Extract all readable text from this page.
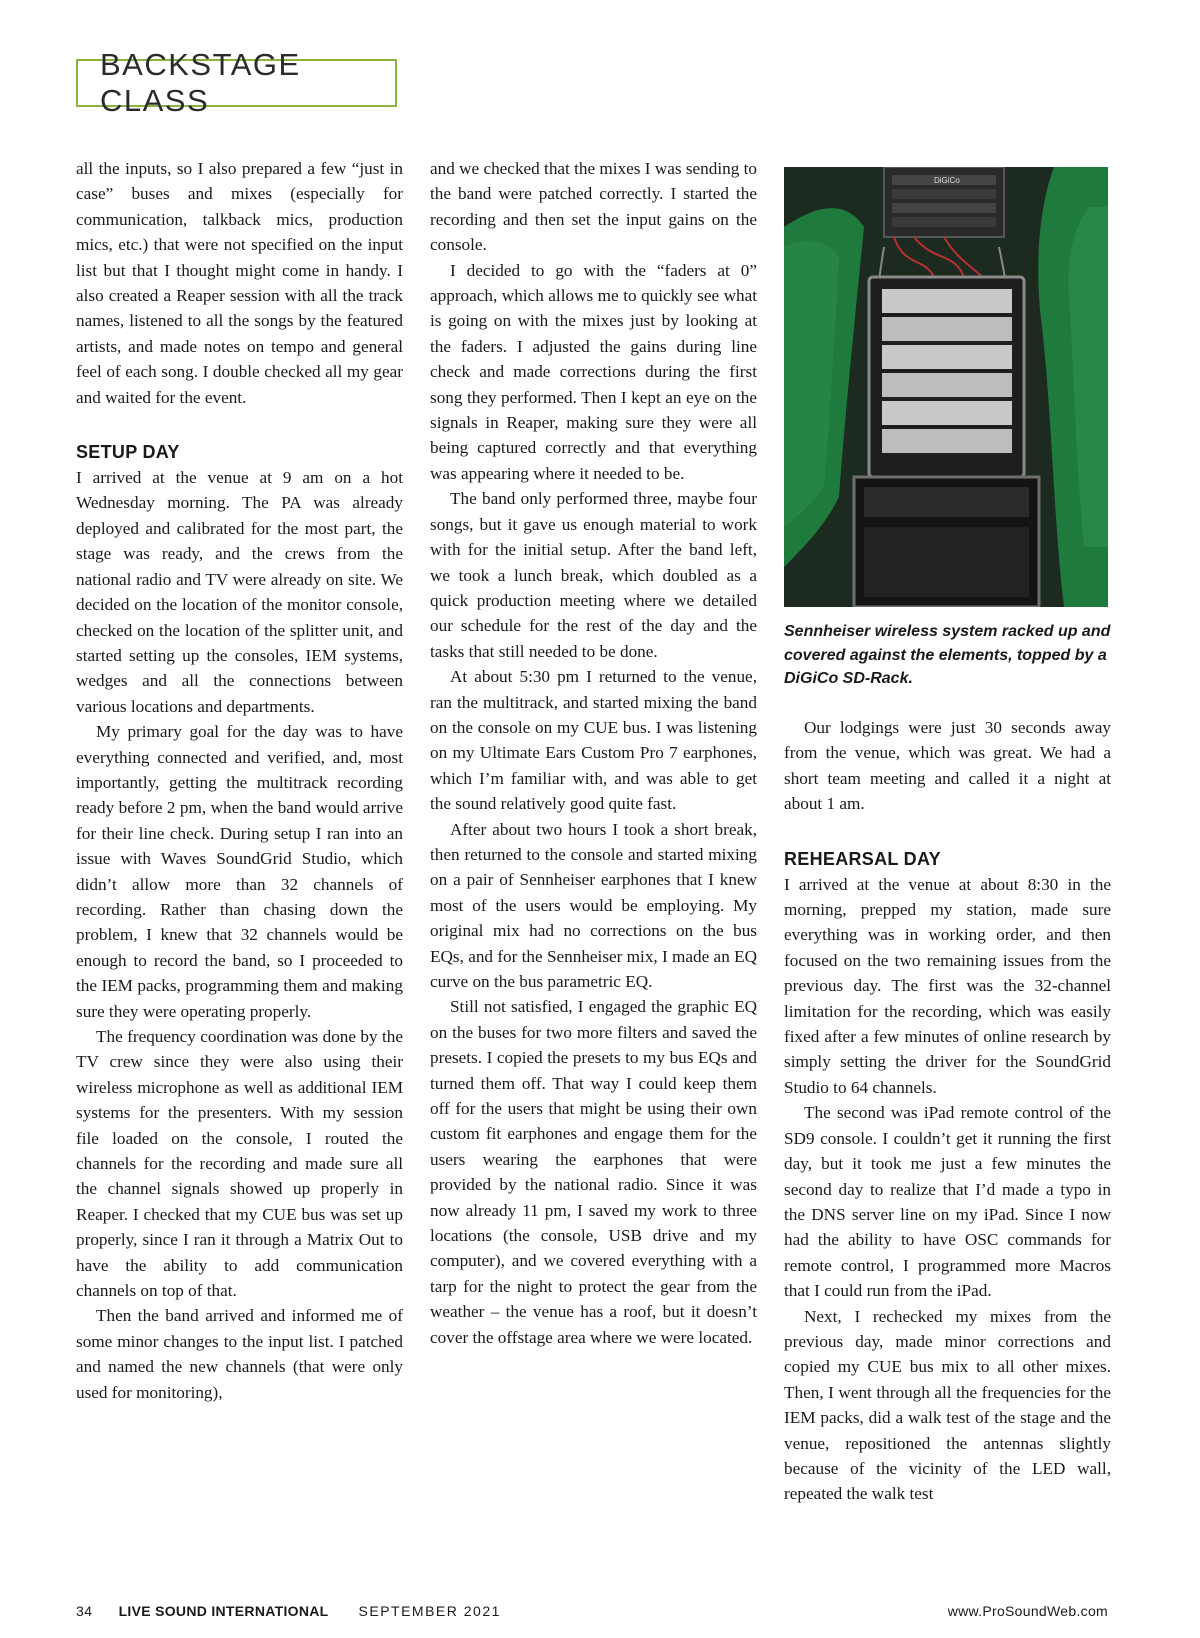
BACKSTAGE CLASS

all the inputs, so I also prepared a few “just in case” buses and mixes (especially for communication, talkback mics, production mics, etc.) that were not specified on the input list but that I thought might come in handy. I also created a Reaper session with all the track names, listened to all the songs by the featured artists, and made notes on tempo and general feel of each song. I double checked all my gear and waited for the event.

SETUP DAY

I arrived at the venue at 9 am on a hot Wednesday morning. The PA was already deployed and calibrated for the most part, the stage was ready, and the crews from the national radio and TV were already on site. We decided on the location of the monitor console, checked on the location of the splitter unit, and started setting up the consoles, IEM systems, wedges and all the connections between various locations and departments.

My primary goal for the day was to have everything connected and verified, and, most importantly, getting the multitrack recording ready before 2 pm, when the band would arrive for their line check. During setup I ran into an issue with Waves SoundGrid Studio, which didn’t allow more than 32 channels of recording. Rather than chasing down the problem, I knew that 32 channels would be enough to record the band, so I proceeded to the IEM packs, programming them and making sure they were operating properly.

The frequency coordination was done by the TV crew since they were also using their wireless microphone as well as additional IEM systems for the presenters. With my session file loaded on the console, I routed the channels for the recording and made sure all the channel signals showed up properly in Reaper. I checked that my CUE bus was set up properly, since I ran it through a Matrix Out to have the ability to add communication channels on top of that.

Then the band arrived and informed me of some minor changes to the input list. I patched and named the new channels (that were only used for monitoring),

and we checked that the mixes I was sending to the band were patched correctly. I started the recording and then set the input gains on the console.

I decided to go with the “faders at 0” approach, which allows me to quickly see what is going on with the mixes just by looking at the faders. I adjusted the gains during line check and made corrections during the first song they performed. Then I kept an eye on the signals in Reaper, making sure they were all being captured correctly and that everything was appearing where it needed to be.

The band only performed three, maybe four songs, but it gave us enough material to work with for the initial setup. After the band left, we took a lunch break, which doubled as a quick production meeting where we detailed our schedule for the rest of the day and the tasks that still needed to be done.

At about 5:30 pm I returned to the venue, ran the multitrack, and started mixing the band on the console on my CUE bus. I was listening on my Ultimate Ears Custom Pro 7 earphones, which I’m familiar with, and was able to get the sound relatively good quite fast.

After about two hours I took a short break, then returned to the console and started mixing on a pair of Sennheiser earphones that I knew most of the users would be employing. My original mix had no corrections on the bus EQs, and for the Sennheiser mix, I made an EQ curve on the bus parametric EQ.

Still not satisfied, I engaged the graphic EQ on the buses for two more filters and saved the presets. I copied the presets to my bus EQs and turned them off. That way I could keep them off for the users that might be using their own custom fit earphones and engage them for the users wearing the earphones that were provided by the national radio. Since it was now already 11 pm, I saved my work to three locations (the console, USB drive and my computer), and we covered everything with a tarp for the night to protect the gear from the weather – the venue has a roof, but it doesn’t cover the offstage area where we were located.

DiGiCo
Sennheiser wireless system racked up and covered against the elements, topped by a DiGiCo SD-Rack.

Our lodgings were just 30 seconds away from the venue, which was great. We had a short team meeting and called it a night at about 1 am.

REHEARSAL DAY

I arrived at the venue at about 8:30 in the morning, prepped my station, made sure everything was in working order, and then focused on the two remaining issues from the previous day. The first was the 32-channel limitation for the recording, which was easily fixed after a few minutes of online research by simply setting the driver for the SoundGrid Studio to 64 channels.

The second was iPad remote control of the SD9 console. I couldn’t get it running the first day, but it took me just a few minutes the second day to realize that I’d made a typo in the DNS server line on my iPad. Since I now had the ability to have OSC commands for remote control, I programmed more Macros that I could run from the iPad.

Next, I rechecked my mixes from the previous day, made minor corrections and copied my CUE bus mix to all other mixes. Then, I went through all the frequencies for the IEM packs, did a walk test of the stage and the venue, repositioned the antennas slightly because of the vicinity of the LED wall, repeated the walk test

34 LIVE SOUND INTERNATIONAL SEPTEMBER 2021	www.ProSoundWeb.com
